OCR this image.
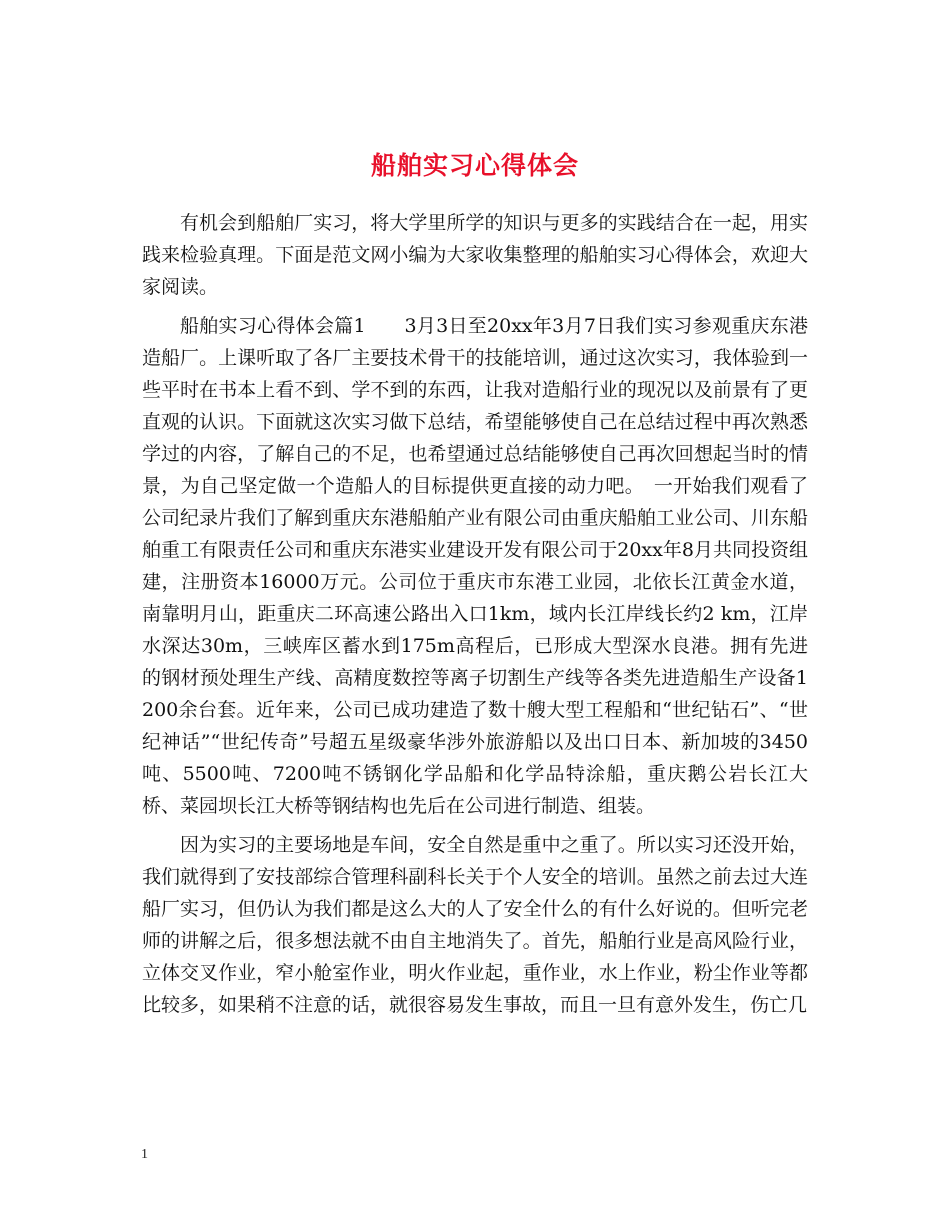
船舶实习心得体会

有机会到船舶厂实习，将大学里所学的知识与更多的实践结合在一起，用实践来检验真理。下面是范文网小编为大家收集整理的船舶实习心得体会，欢迎大家阅读。

船舶实习心得体会篇1　　3月3日至20xx年3月7日我们实习参观重庆东港造船厂。上课听取了各厂主要技术骨干的技能培训，通过这次实习，我体验到一些平时在书本上看不到、学不到的东西，让我对造船行业的现况以及前景有了更直观的认识。下面就这次实习做下总结，希望能够使自己在总结过程中再次熟悉学过的内容，了解自己的不足，也希望通过总结能够使自己再次回想起当时的情景，为自己坚定做一个造船人的目标提供更直接的动力吧。　一开始我们观看了公司纪录片我们了解到重庆东港船舶产业有限公司由重庆船舶工业公司、川东船舶重工有限责任公司和重庆东港实业建设开发有限公司于20xx年8月共同投资组建，注册资本16000万元。公司位于重庆市东港工业园，北依长江黄金水道，南靠明月山，距重庆二环高速公路出入口1km，域内长江岸线长约2 km，江岸水深达30m，三峡库区蓄水到175m高程后，已形成大型深水良港。拥有先进的钢材预处理生产线、高精度数控等离子切割生产线等各类先进造船生产设备1200余台套。近年来，公司已成功建造了数十艘大型工程船和“世纪钻石”、“世纪神话”“世纪传奇”号超五星级豪华涉外旅游船以及出口日本、新加坡的3450吨、5500吨、7200吨不锈钢化学品船和化学品特涂船，重庆鹅公岩长江大桥、菜园坝长江大桥等钢结构也先后在公司进行制造、组装。

因为实习的主要场地是车间，安全自然是重中之重了。所以实习还没开始，我们就得到了安技部综合管理科副科长关于个人安全的培训。虽然之前去过大连船厂实习，但仍认为我们都是这么大的人了安全什么的有什么好说的。但听完老师的讲解之后，很多想法就不由自主地消失了。首先，船舶行业是高风险行业，立体交叉作业，窄小舱室作业，明火作业起，重作业，水上作业，粉尘作业等都比较多，如果稍不注意的话，就很容易发生事故，而且一旦有意外发生，伤亡几

1
